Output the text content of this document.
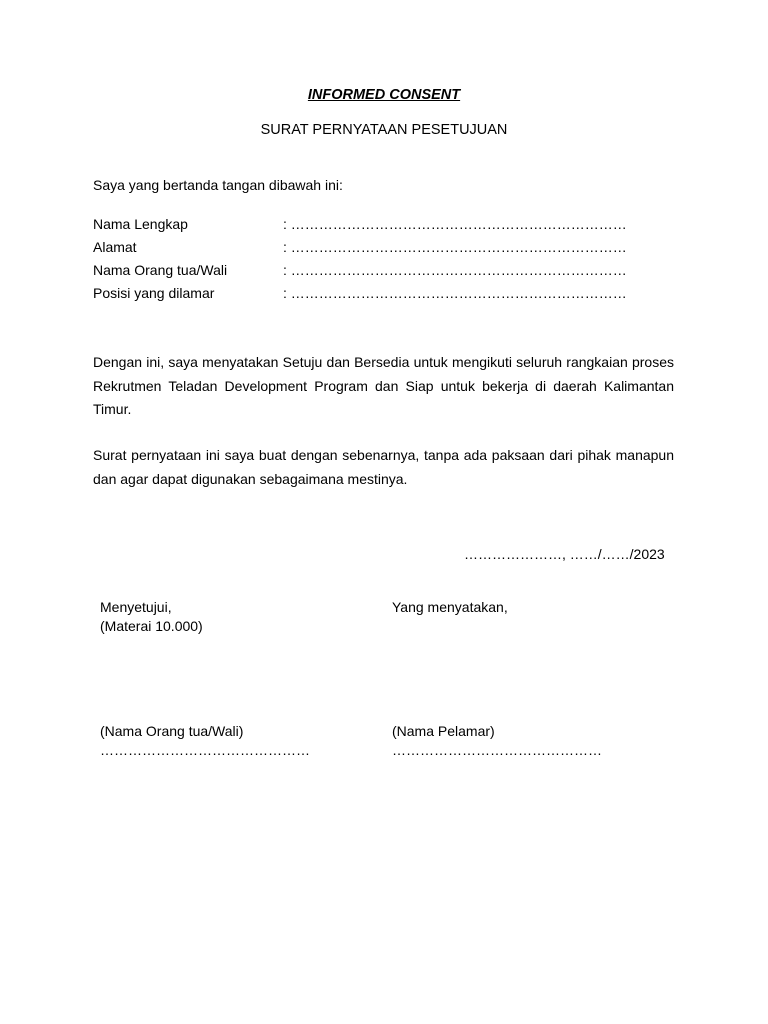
INFORMED CONSENT
SURAT PERNYATAAN PESETUJUAN
Saya yang bertanda tangan dibawah ini:
Nama Lengkap	: ………………………………………………………………
Alamat	: ………………………………………………………………
Nama Orang tua/Wali	: ………………………………………………………………
Posisi yang dilamar	: ………………………………………………………………
Dengan ini, saya menyatakan Setuju dan Bersedia untuk mengikuti seluruh rangkaian proses Rekrutmen Teladan Development Program dan Siap untuk bekerja di daerah Kalimantan Timur.
Surat pernyataan ini saya buat dengan sebenarnya, tanpa ada paksaan dari pihak manapun dan agar dapat digunakan sebagaimana mestinya.
…………………, ……/……/2023
Menyetujui,
(Materai 10.000)
Yang menyatakan,
(Nama Orang tua/Wali)
………………………………………
(Nama Pelamar)
………………………………………
